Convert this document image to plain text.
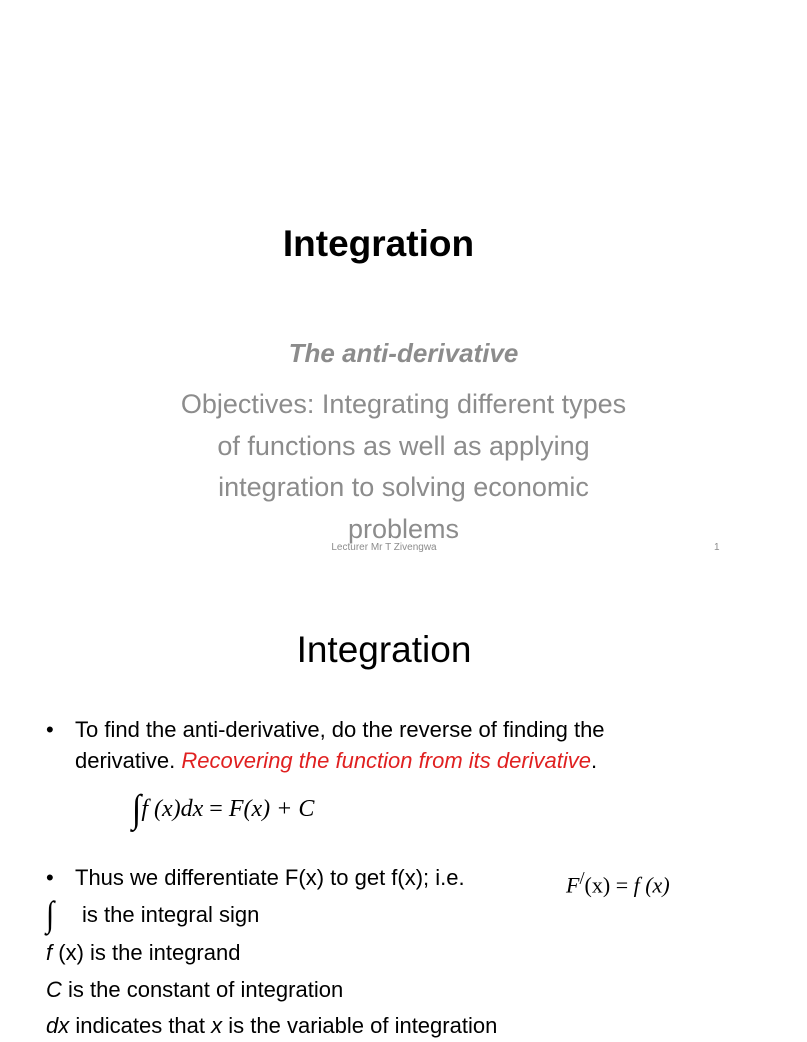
Integration
The anti-derivative
Objectives: Integrating different types
of functions as well as applying
integration to solving economic
problems
Lecturer Mr T Zivengwa	1
Integration
• To find the anti-derivative, do the reverse of finding the
derivative. Recovering the function from its derivative.
∫f (x)dx = F(x) + C
• Thus we differentiate F(x) to get f(x); i.e.	F/(x) = f (x)
∫ is the integral sign
f (x) is the integrand
C is the constant of integration
dx indicates that x is the variable of integration
